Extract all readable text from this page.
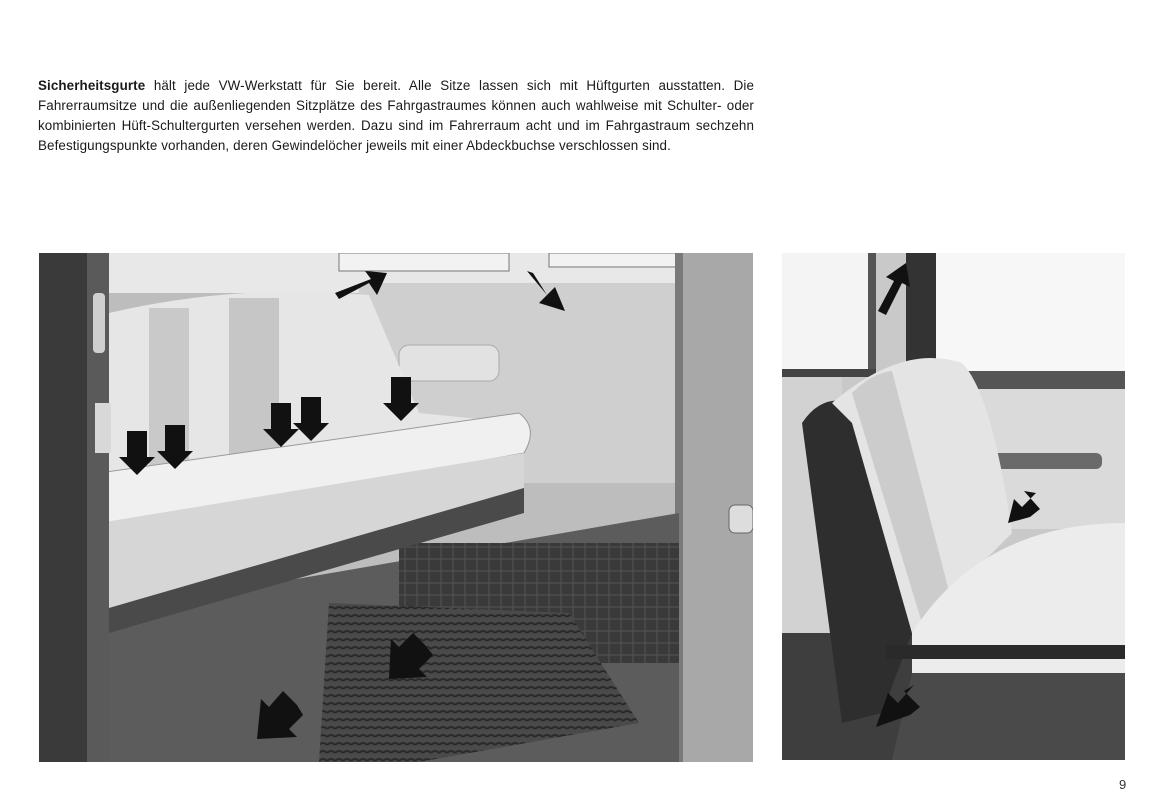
Sicherheitsgurte hält jede VW-Werkstatt für Sie bereit. Alle Sitze lassen sich mit Hüftgurten ausstatten. Die Fahrerraumsitze und die außenliegenden Sitzplätze des Fahrgastraumes können auch wahlweise mit Schulter- oder kombinierten Hüft-Schultergurten versehen werden. Dazu sind im Fahrerraum acht und im Fahrgastraum sechzehn Befestigungspunkte vorhanden, deren Gewindelöcher jeweils mit einer Abdeckbuchse verschlossen sind.

9
